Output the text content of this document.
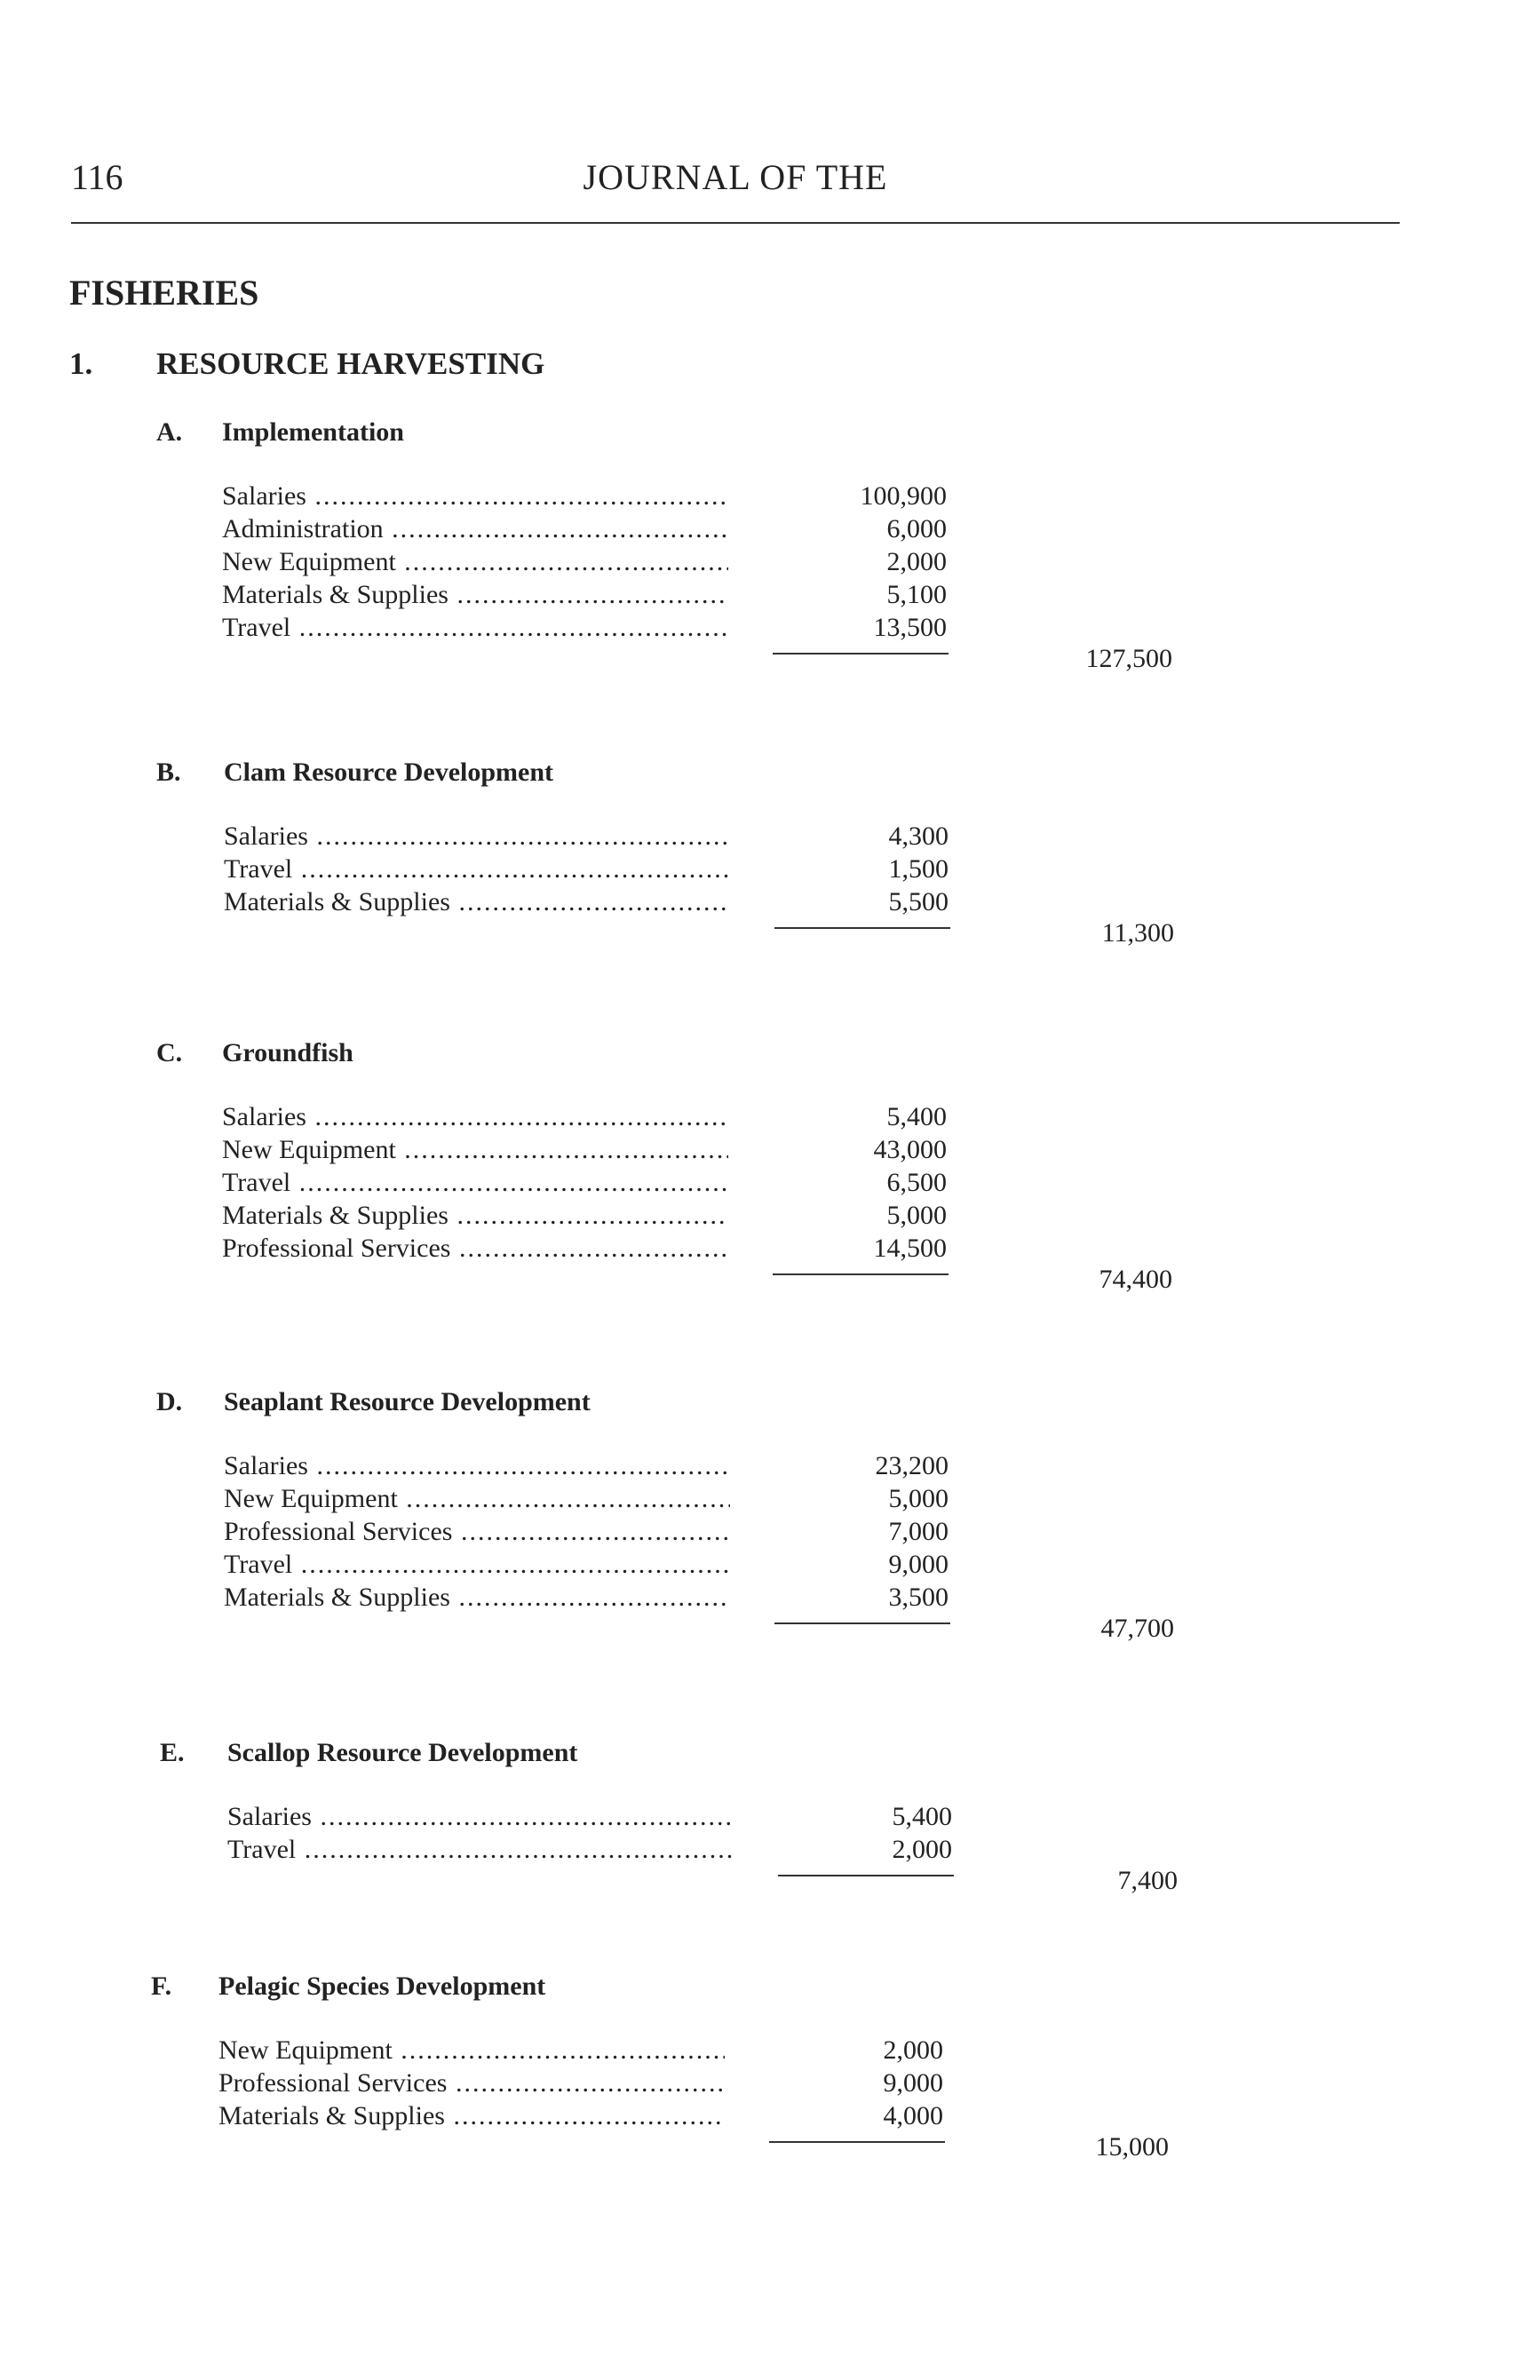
116	JOURNAL OF THE
FISHERIES
1. RESOURCE HARVESTING
A. Implementation
Salaries .....	100,900
Administration .....	6,000
New Equipment .....	2,000
Materials & Supplies .....	5,100
Travel .....	13,500
127,500
B. Clam Resource Development
Salaries .....	4,300
Travel .....	1,500
Materials & Supplies .....	5,500
11,300
C. Groundfish
Salaries .....	5,400
New Equipment .....	43,000
Travel .....	6,500
Materials & Supplies .....	5,000
Professional Services .....	14,500
74,400
D. Seaplant Resource Development
Salaries .....	23,200
New Equipment .....	5,000
Professional Services .....	7,000
Travel .....	9,000
Materials & Supplies .....	3,500
47,700
E. Scallop Resource Development
Salaries .....	5,400
Travel .....	2,000
7,400
F. Pelagic Species Development
New Equipment .....	2,000
Professional Services .....	9,000
Materials & Supplies .....	4,000
15,000
